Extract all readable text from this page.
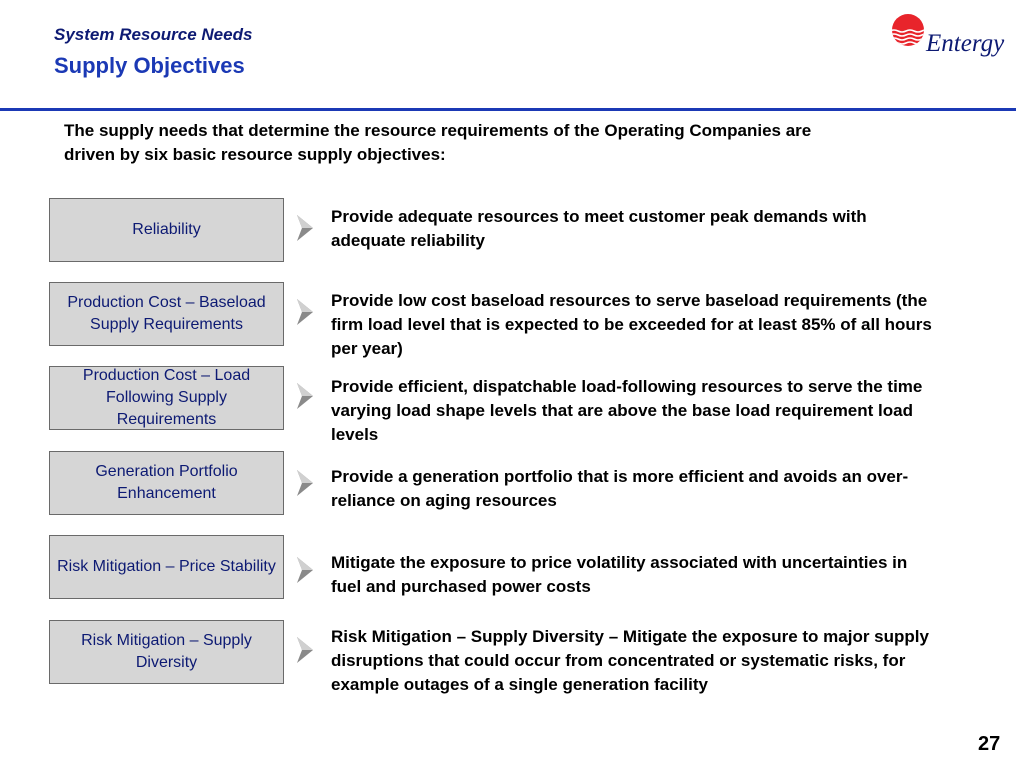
System Resource Needs
Supply Objectives
Entergy
The supply needs that determine the resource requirements of the Operating Companies are driven by six basic resource supply objectives:
Reliability
Provide adequate resources to meet customer peak demands with adequate reliability
Production Cost – Baseload Supply Requirements
Provide low cost baseload resources to serve baseload requirements (the firm load level that is expected to be exceeded for at least 85% of all hours per year)
Production Cost – Load Following Supply Requirements
Provide efficient, dispatchable load-following resources to serve the time varying load shape levels that are above the base load requirement load levels
Generation Portfolio Enhancement
Provide a generation portfolio that is more efficient and avoids an over-reliance on aging resources
Risk Mitigation – Price Stability	Mitigate the exposure to price volatility associated with uncertainties in fuel and purchased power costs
Risk Mitigation – Supply Diversity
Risk Mitigation – Supply Diversity – Mitigate the exposure to major supply disruptions that could occur from concentrated or systematic risks, for example outages of a single generation facility
27
